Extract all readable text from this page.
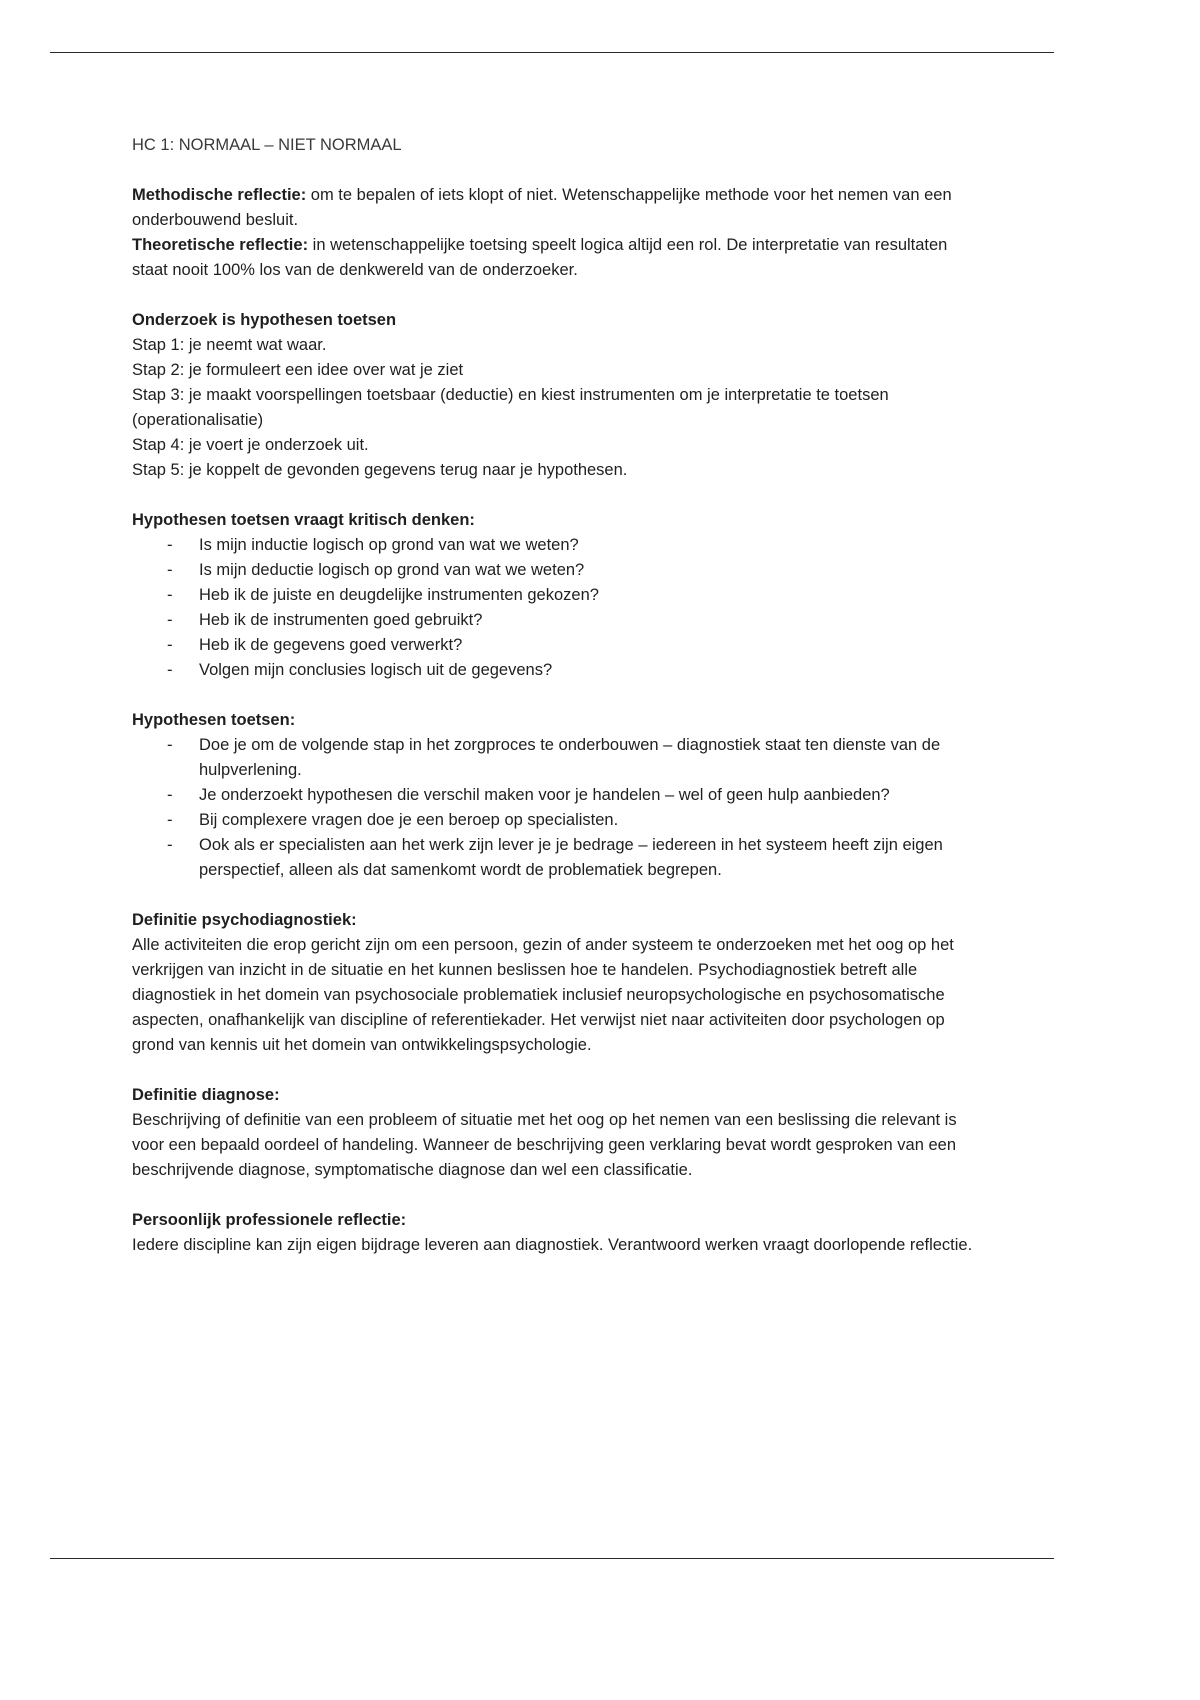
HC 1: NORMAAL – NIET NORMAAL

Methodische reflectie: om te bepalen of iets klopt of niet. Wetenschappelijke methode voor het nemen van een onderbouwend besluit.

Theoretische reflectie: in wetenschappelijke toetsing speelt logica altijd een rol. De interpretatie van resultaten staat nooit 100% los van de denkwereld van de onderzoeker.

Onderzoek is hypothesen toetsen

Stap 1: je neemt wat waar.

Stap 2: je formuleert een idee over wat je ziet

Stap 3: je maakt voorspellingen toetsbaar (deductie) en kiest instrumenten om je interpretatie te toetsen (operationalisatie)

Stap 4: je voert je onderzoek uit.

Stap 5: je koppelt de gevonden gegevens terug naar je hypothesen.

Hypothesen toetsen vraagt kritisch denken:

- Is mijn inductie logisch op grond van wat we weten?
- Is mijn deductie logisch op grond van wat we weten?
- Heb ik de juiste en deugdelijke instrumenten gekozen?
- Heb ik de instrumenten goed gebruikt?
- Heb ik de gegevens goed verwerkt?
- Volgen mijn conclusies logisch uit de gegevens?

Hypothesen toetsen:

- Doe je om de volgende stap in het zorgproces te onderbouwen – diagnostiek staat ten dienste van de hulpverlening.
- Je onderzoekt hypothesen die verschil maken voor je handelen – wel of geen hulp aanbieden?
- Bij complexere vragen doe je een beroep op specialisten.
- Ook als er specialisten aan het werk zijn lever je je bedrage – iedereen in het systeem heeft zijn eigen perspectief, alleen als dat samenkomt wordt de problematiek begrepen.

Definitie psychodiagnostiek:

Alle activiteiten die erop gericht zijn om een persoon, gezin of ander systeem te onderzoeken met het oog op het verkrijgen van inzicht in de situatie en het kunnen beslissen hoe te handelen. Psychodiagnostiek betreft alle diagnostiek in het domein van psychosociale problematiek inclusief neuropsychologische en psychosomatische aspecten, onafhankelijk van discipline of referentiekader. Het verwijst niet naar activiteiten door psychologen op grond van kennis uit het domein van ontwikkelingspsychologie.

Definitie diagnose:

Beschrijving of definitie van een probleem of situatie met het oog op het nemen van een beslissing die relevant is voor een bepaald oordeel of handeling. Wanneer de beschrijving geen verklaring bevat wordt gesproken van een beschrijvende diagnose, symptomatische diagnose dan wel een classificatie.

Persoonlijk professionele reflectie:

Iedere discipline kan zijn eigen bijdrage leveren aan diagnostiek. Verantwoord werken vraagt doorlopende reflectie.
